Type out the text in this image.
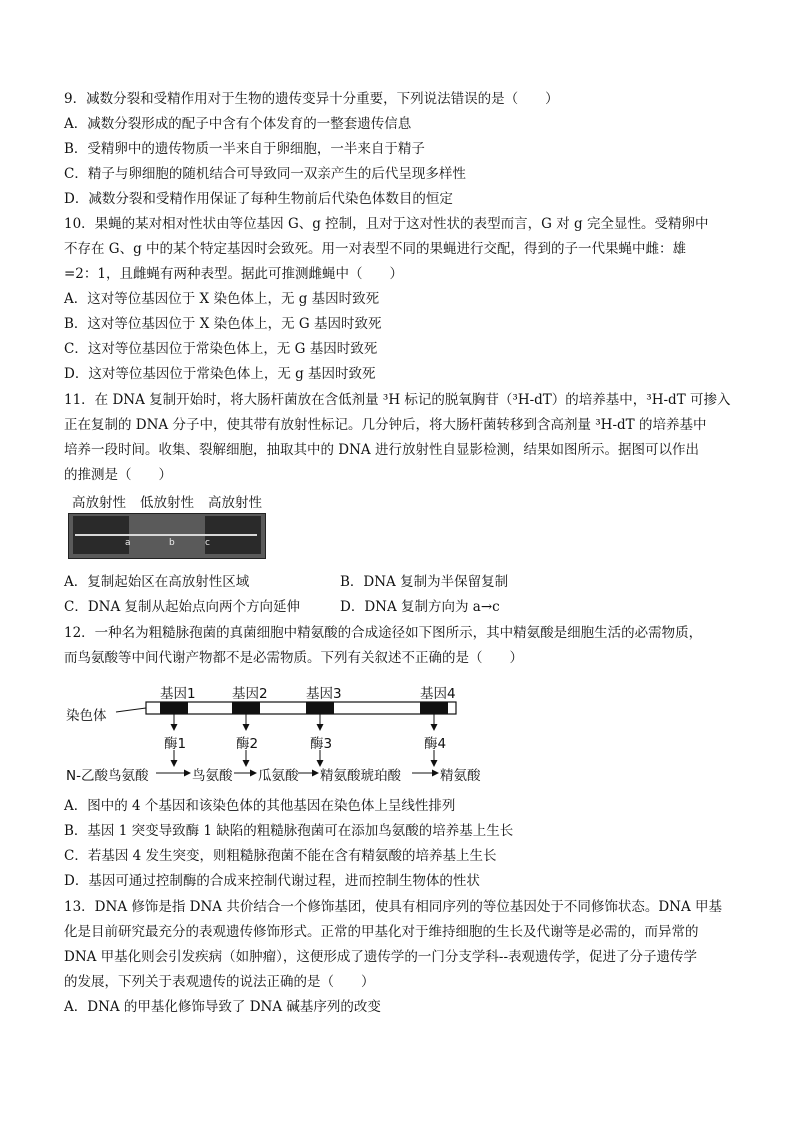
9．减数分裂和受精作用对于生物的遗传变异十分重要，下列说法错误的是（　　）
A．减数分裂形成的配子中含有个体发育的一整套遗传信息
B．受精卵中的遗传物质一半来自于卵细胞，一半来自于精子
C．精子与卵细胞的随机结合可导致同一双亲产生的后代呈现多样性
D．减数分裂和受精作用保证了每种生物前后代染色体数目的恒定
10．果蝇的某对相对性状由等位基因 G、g 控制，且对于这对性状的表型而言，G 对 g 完全显性。受精卵中
不存在 G、g 中的某个特定基因时会致死。用一对表型不同的果蝇进行交配，得到的子一代果蝇中雌：雄
=2：1，且雌蝇有两种表型。据此可推测雌蝇中（　　）
A．这对等位基因位于 X 染色体上，无 g 基因时致死
B．这对等位基因位于 X 染色体上，无 G 基因时致死
C．这对等位基因位于常染色体上，无 G 基因时致死
D．这对等位基因位于常染色体上，无 g 基因时致死
11．在 DNA 复制开始时，将大肠杆菌放在含低剂量 ³H 标记的脱氧胸苷（³H-dT）的培养基中，³H-dT 可掺入
正在复制的 DNA 分子中，使其带有放射性标记。几分钟后，将大肠杆菌转移到含高剂量 ³H-dT 的培养基中
培养一段时间。收集、裂解细胞，抽取其中的 DNA 进行放射性自显影检测，结果如图所示。据图可以作出
的推测是（　　）
高放射性 低放射性 高放射性
a	b	c
A．复制起始区在高放射性区域	B．DNA 复制为半保留复制
C．DNA 复制从起始点向两个方向延伸	D．DNA 复制方向为 a→c
12．一种名为粗糙脉孢菌的真菌细胞中精氨酸的合成途径如下图所示，其中精氨酸是细胞生活的必需物质，
而鸟氨酸等中间代谢产物都不是必需物质。下列有关叙述不正确的是（　　）
基因1	基因2	基因3	基因4
染色体
酶1	酶2	酶3	酶4
N-乙酸鸟氨酸	鸟氨酸 瓜氨酸 精氨酸琥珀酸	精氨酸
A．图中的 4 个基因和该染色体的其他基因在染色体上呈线性排列
B．基因 1 突变导致酶 1 缺陷的粗糙脉孢菌可在添加鸟氨酸的培养基上生长
C．若基因 4 发生突变，则粗糙脉孢菌不能在含有精氨酸的培养基上生长
D．基因可通过控制酶的合成来控制代谢过程，进而控制生物体的性状
13．DNA 修饰是指 DNA 共价结合一个修饰基团，使具有相同序列的等位基因处于不同修饰状态。DNA 甲基
化是目前研究最充分的表观遗传修饰形式。正常的甲基化对于维持细胞的生长及代谢等是必需的，而异常的
DNA 甲基化则会引发疾病（如肿瘤），这便形成了遗传学的一门分支学科--表观遗传学，促进了分子遗传学
的发展，下列关于表观遗传的说法正确的是（　　）
A．DNA 的甲基化修饰导致了 DNA 碱基序列的改变
